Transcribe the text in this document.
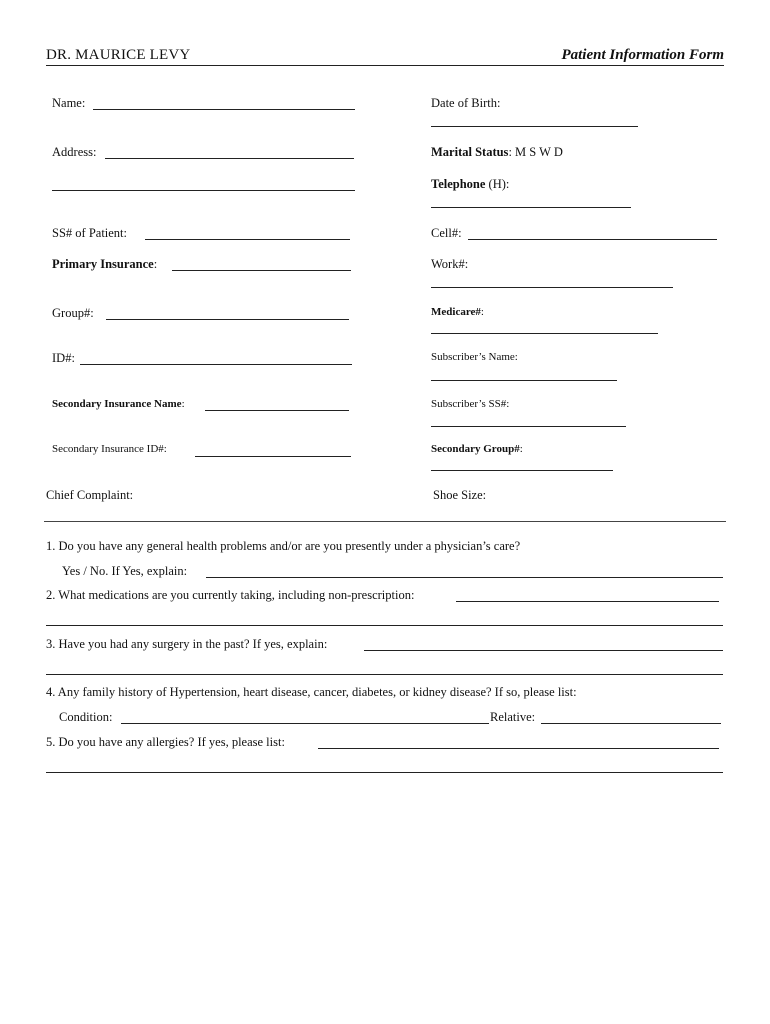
DR. MAURICE LEVY	Patient Information Form
Name:	Date of Birth:
Address:	Marital Status: M S W D
Telephone (H):
SS# of Patient:	Cell#:
Primary Insurance:	Work#:
Group#:	Medicare#:
ID#:	Subscriber’s Name:
Secondary Insurance Name:	Subscriber’s SS#:
Secondary Insurance ID#:	Secondary Group#:
Chief Complaint:	Shoe Size:
1. Do you have any general health problems and/or are you presently under a physician’s care?
Yes / No. If Yes, explain:
2. What medications are you currently taking, including non-prescription:
3. Have you had any surgery in the past? If yes, explain:
4. Any family history of Hypertension, heart disease, cancer, diabetes, or kidney disease? If so, please list:
Condition:	Relative:
5. Do you have any allergies? If yes, please list:
